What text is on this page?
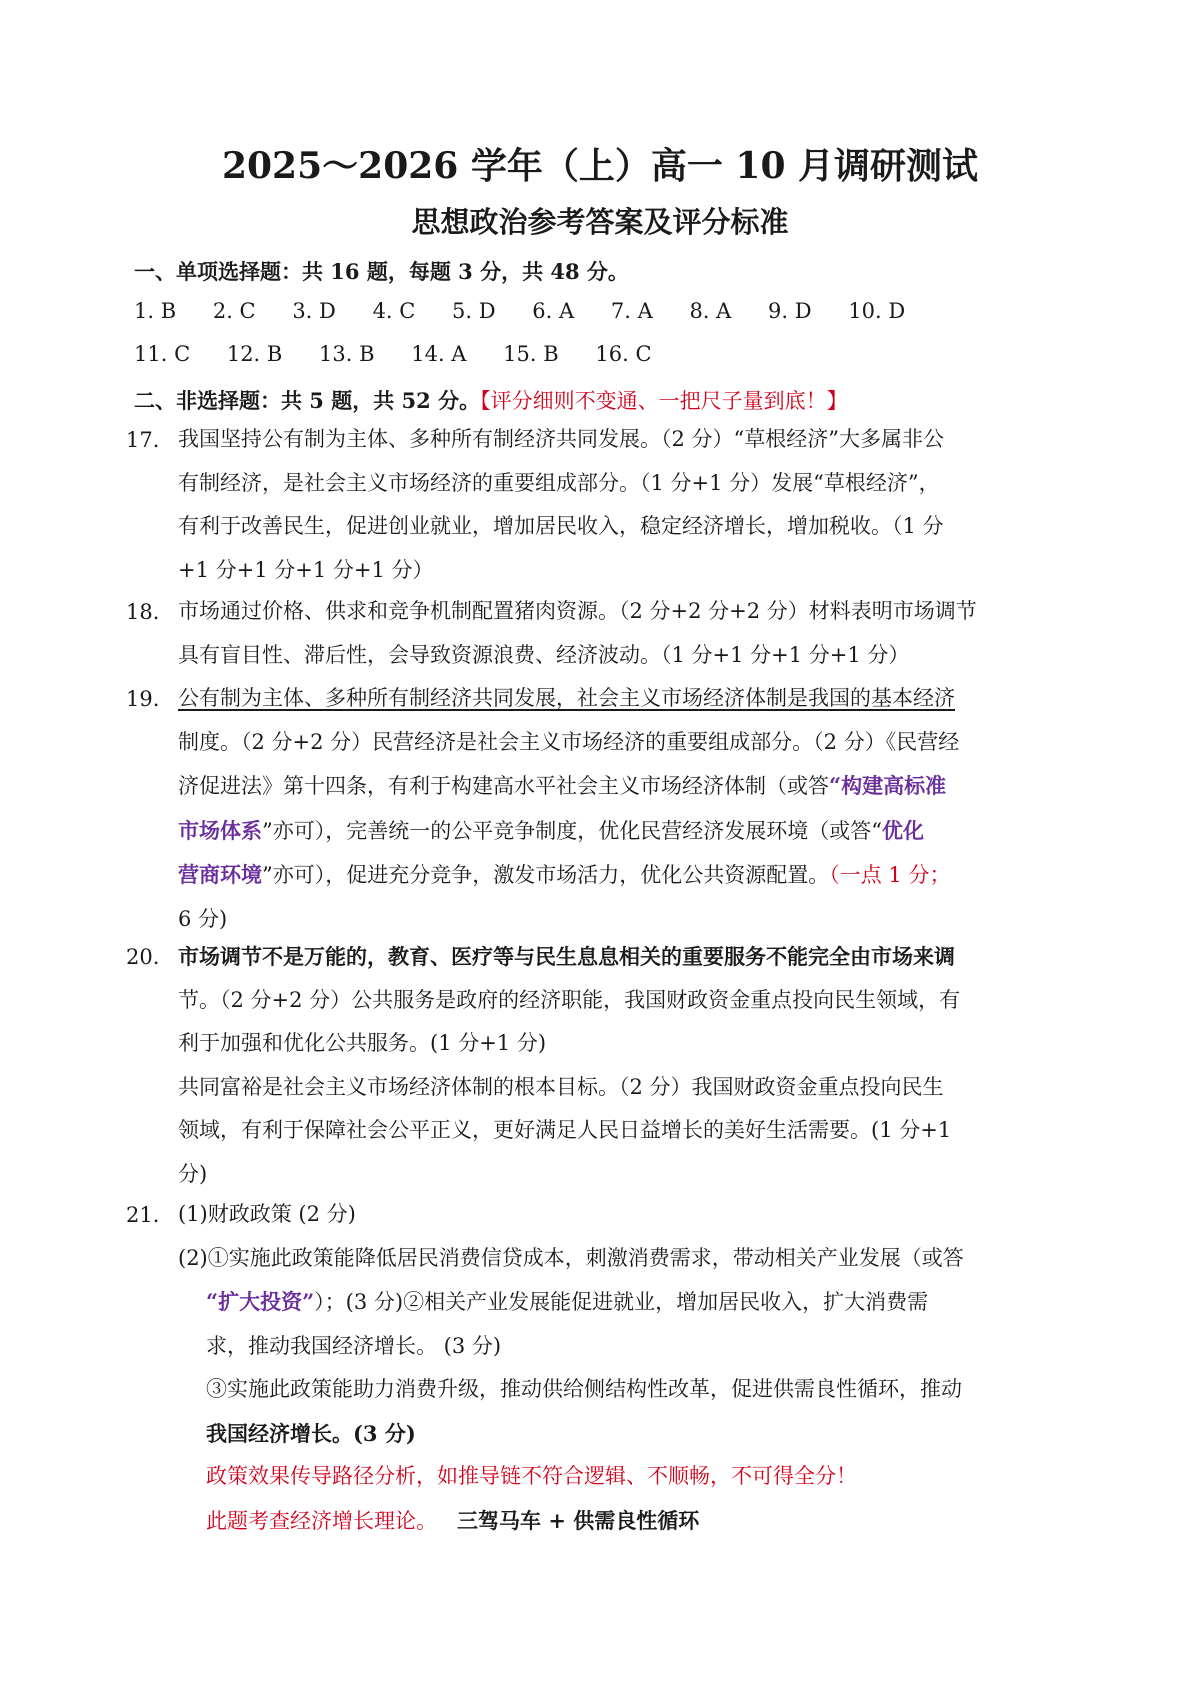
2025～2026 学年（上）高一 10 月调研测试
思想政治参考答案及评分标准
一、单项选择题：共 16 题，每题 3 分，共 48 分。
1. B 2. C 3. D 4. C 5. D 6. A 7. A 8. A 9. D 10. D
11. C 12. B 13. B 14. A 15. B 16. C
二、非选择题：共 5 题，共 52 分。【评分细则不变通、一把尺子量到底！】
17. 我国坚持公有制为主体、多种所有制经济共同发展。（2 分）“草根经济”大多属非公

有制经济，是社会主义市场经济的重要组成部分。（1 分+1 分）发展“草根经济”，

有利于改善民生，促进创业就业，增加居民收入，稳定经济增长，增加税收。（1 分

+1 分+1 分+1 分+1 分）

18. 市场通过价格、供求和竞争机制配置猪肉资源。（2 分+2 分+2 分）材料表明市场调节

具有盲目性、滞后性，会导致资源浪费、经济波动。（1 分+1 分+1 分+1 分）

19. 公有制为主体、多种所有制经济共同发展，社会主义市场经济体制是我国的基本经济

制度。（2 分+2 分）民营经济是社会主义市场经济的重要组成部分。（2 分）《民营经

济促进法》第十四条，有利于构建高水平社会主义市场经济体制（或答“构建高标准

市场体系”亦可），完善统一的公平竞争制度，优化民营经济发展环境（或答“优化

营商环境”亦可），促进充分竞争，激发市场活力，优化公共资源配置。（一点 1 分；

6 分)

20. 市场调节不是万能的，教育、医疗等与民生息息相关的重要服务不能完全由市场来调

节。（2 分+2 分）公共服务是政府的经济职能，我国财政资金重点投向民生领域，有

利于加强和优化公共服务。(1 分+1 分)

共同富裕是社会主义市场经济体制的根本目标。（2 分）我国财政资金重点投向民生

领域，有利于保障社会公平正义，更好满足人民日益增长的美好生活需要。(1 分+1

分)

21. (1)财政政策 (2 分)

(2)①实施此政策能降低居民消费信贷成本，刺激消费需求，带动相关产业发展（或答

“扩大投资”）；(3 分)②相关产业发展能促进就业，增加居民收入，扩大消费需

求，推动我国经济增长。 (3 分)

③实施此政策能助力消费升级，推动供给侧结构性改革，促进供需良性循环，推动

我国经济增长。(3 分)

政策效果传导路径分析，如推导链不符合逻辑、不顺畅，不可得全分！

此题考查经济增长理论。 三驾马车 + 供需良性循环
